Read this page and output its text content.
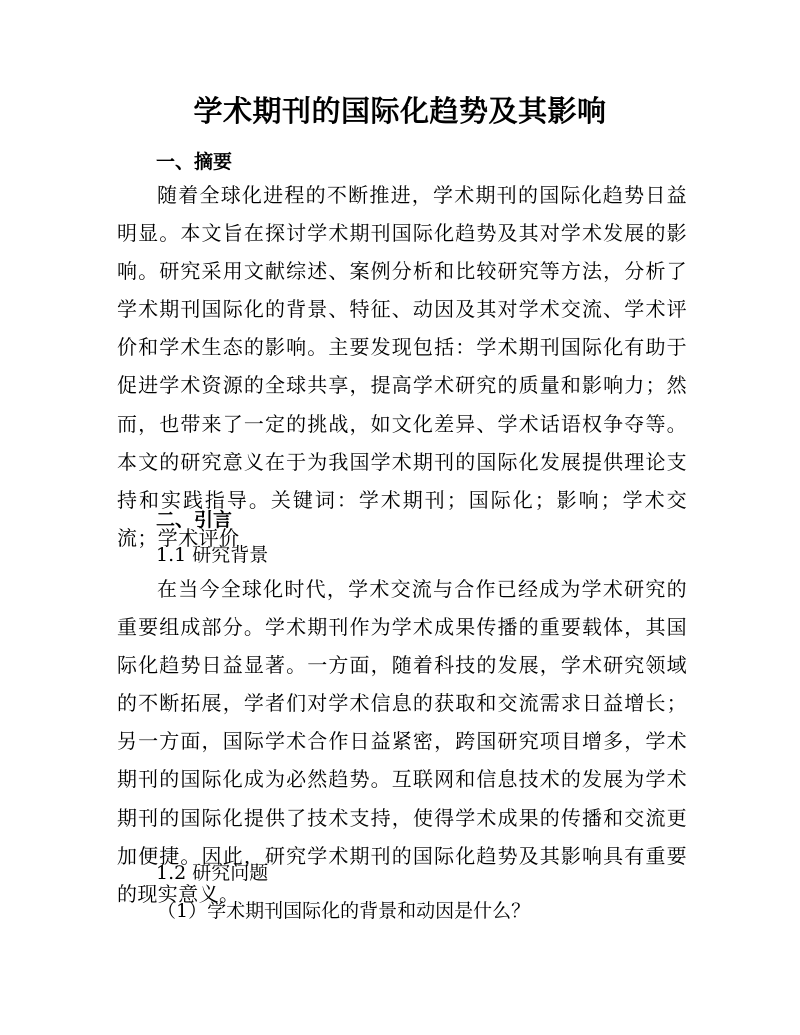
学术期刊的国际化趋势及其影响
一、摘要

随着全球化进程的不断推进，学术期刊的国际化趋势日益明显。本文旨在探讨学术期刊国际化趋势及其对学术发展的影响。研究采用文献综述、案例分析和比较研究等方法，分析了学术期刊国际化的背景、特征、动因及其对学术交流、学术评价和学术生态的影响。主要发现包括：学术期刊国际化有助于促进学术资源的全球共享，提高学术研究的质量和影响力；然而，也带来了一定的挑战，如文化差异、学术话语权争夺等。本文的研究意义在于为我国学术期刊的国际化发展提供理论支持和实践指导。关键词：学术期刊；国际化；影响；学术交流；学术评价

二、引言
1.1 研究背景

在当今全球化时代，学术交流与合作已经成为学术研究的重要组成部分。学术期刊作为学术成果传播的重要载体，其国际化趋势日益显著。一方面，随着科技的发展，学术研究领域的不断拓展，学者们对学术信息的获取和交流需求日益增长；另一方面，国际学术合作日益紧密，跨国研究项目增多，学术期刊的国际化成为必然趋势。互联网和信息技术的发展为学术期刊的国际化提供了技术支持，使得学术成果的传播和交流更加便捷。因此，研究学术期刊的国际化趋势及其影响具有重要的现实意义。

1.2 研究问题
（1）学术期刊国际化的背景和动因是什么？
